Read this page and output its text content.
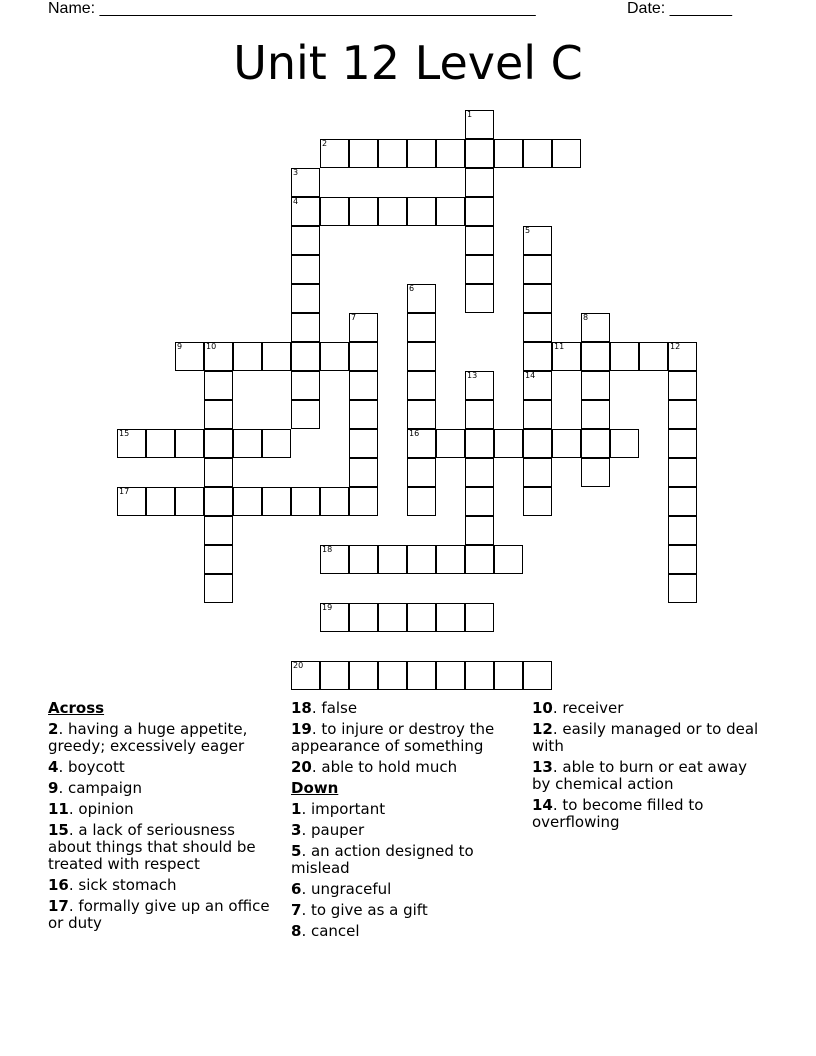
Name: _________________________________________________	Date: _______
Unit 12 Level C
1
2
3
4
5
14
6
16
7	8
9	10	11	12
13
15
17
18
19
20
Across
2. having a huge appetite, greedy; excessively eager
4. boycott
9. campaign
11. opinion
15. a lack of seriousness about things that should be treated with respect
16. sick stomach
17. formally give up an office or duty
18. false
19. to injure or destroy the appearance of something
20. able to hold much
Down
1. important
3. pauper
5. an action designed to mislead
6. ungraceful
7. to give as a gift
8. cancel
10. receiver
12. easily managed or to deal with
13. able to burn or eat away by chemical action
14. to become filled to overflowing
